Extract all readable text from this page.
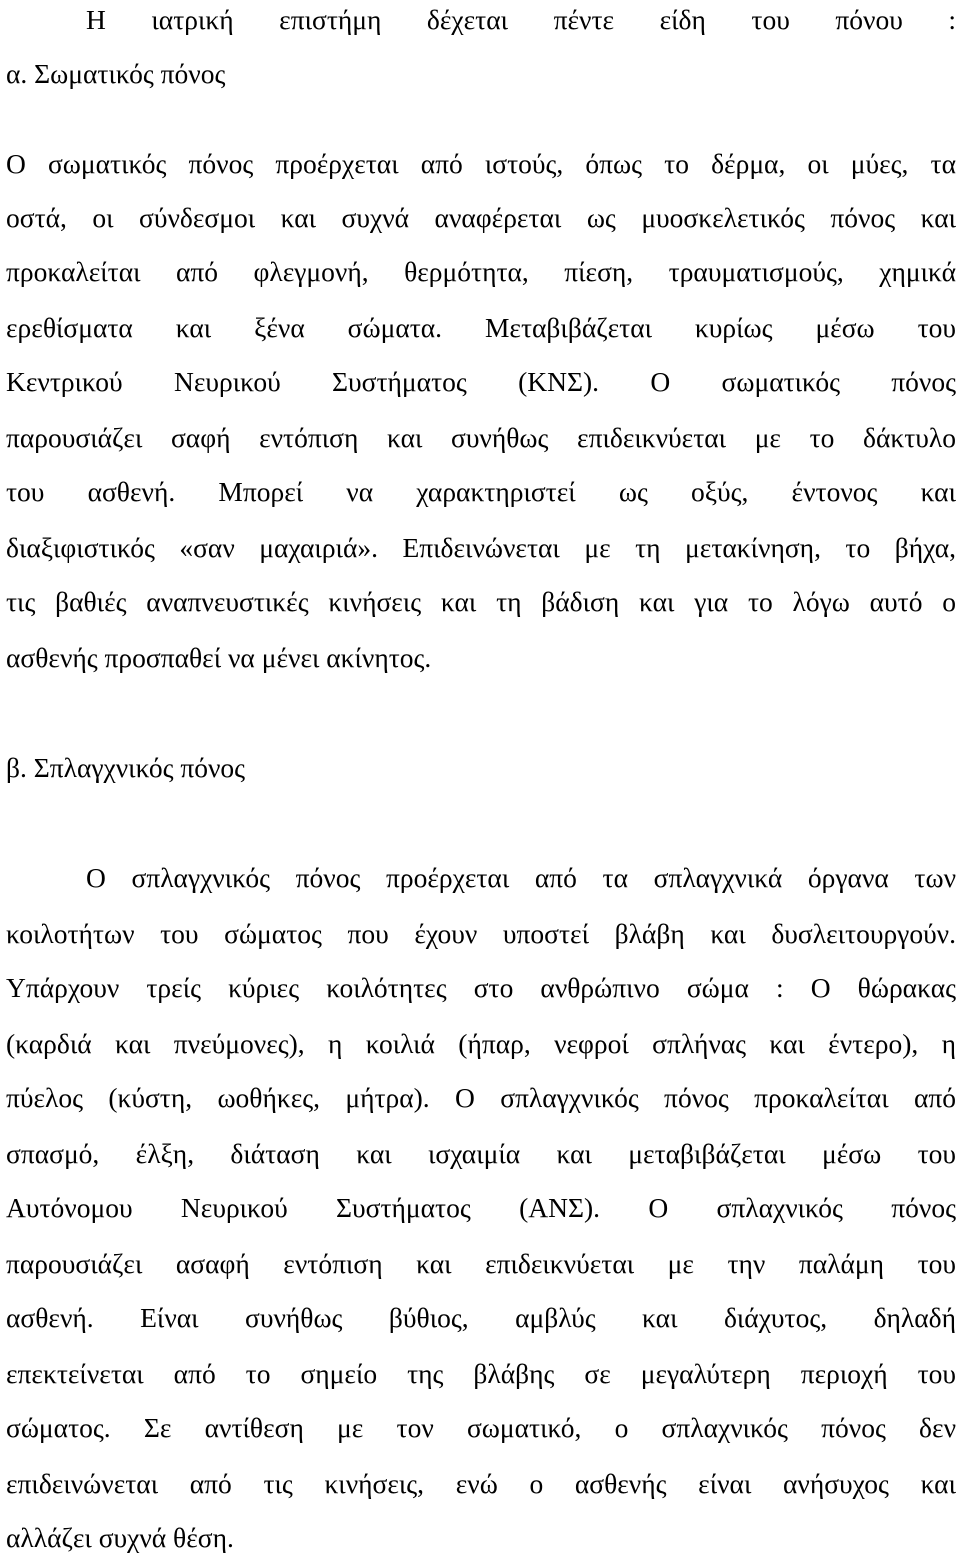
Η ιατρική επιστήμη δέχεται πέντε είδη του πόνου :
α. Σωματικός πόνος
Ο σωματικός πόνος προέρχεται από ιστούς, όπως το δέρμα, οι μύες, τα
οστά, οι σύνδεσμοι και συχνά αναφέρεται ως μυοσκελετικός πόνος και
προκαλείται από φλεγμονή, θερμότητα, πίεση, τραυματισμούς, χημικά
ερεθίσματα και ξένα σώματα. Μεταβιβάζεται κυρίως μέσω του
Κεντρικού Νευρικού Συστήματος (ΚΝΣ). Ο σωματικός πόνος
παρουσιάζει σαφή εντόπιση και συνήθως επιδεικνύεται με το δάκτυλο
του ασθενή. Μπορεί να χαρακτηριστεί ως οξύς, έντονος και
διαξιφιστικός «σαν μαχαιριά». Επιδεινώνεται με τη μετακίνηση, το βήχα,
τις βαθιές αναπνευστικές κινήσεις και τη βάδιση και για το λόγω αυτό ο
ασθενής προσπαθεί να μένει ακίνητος.
β. Σπλαγχνικός πόνος
Ο σπλαγχνικός πόνος προέρχεται από τα σπλαγχνικά όργανα των
κοιλοτήτων του σώματος που έχουν υποστεί βλάβη και δυσλειτουργούν.
Υπάρχουν τρείς κύριες κοιλότητες στο ανθρώπινο σώμα : Ο θώρακας
(καρδιά και πνεύμονες), η κοιλιά (ήπαρ, νεφροί σπλήνας και έντερο), η
πύελος (κύστη, ωοθήκες, μήτρα). Ο σπλαγχνικός πόνος προκαλείται από
σπασμό, έλξη, διάταση και ισχαιμία και μεταβιβάζεται μέσω του
Αυτόνομου Νευρικού Συστήματος (ΑΝΣ). Ο σπλαχνικός πόνος
παρουσιάζει ασαφή εντόπιση και επιδεικνύεται με την παλάμη του
ασθενή. Είναι συνήθως βύθιος, αμβλύς και διάχυτος, δηλαδή
επεκτείνεται από το σημείο της βλάβης σε μεγαλύτερη περιοχή του
σώματος. Σε αντίθεση με τον σωματικό, ο σπλαχνικός πόνος δεν
επιδεινώνεται από τις κινήσεις, ενώ ο ασθενής είναι ανήσυχος και
αλλάζει συχνά θέση.
